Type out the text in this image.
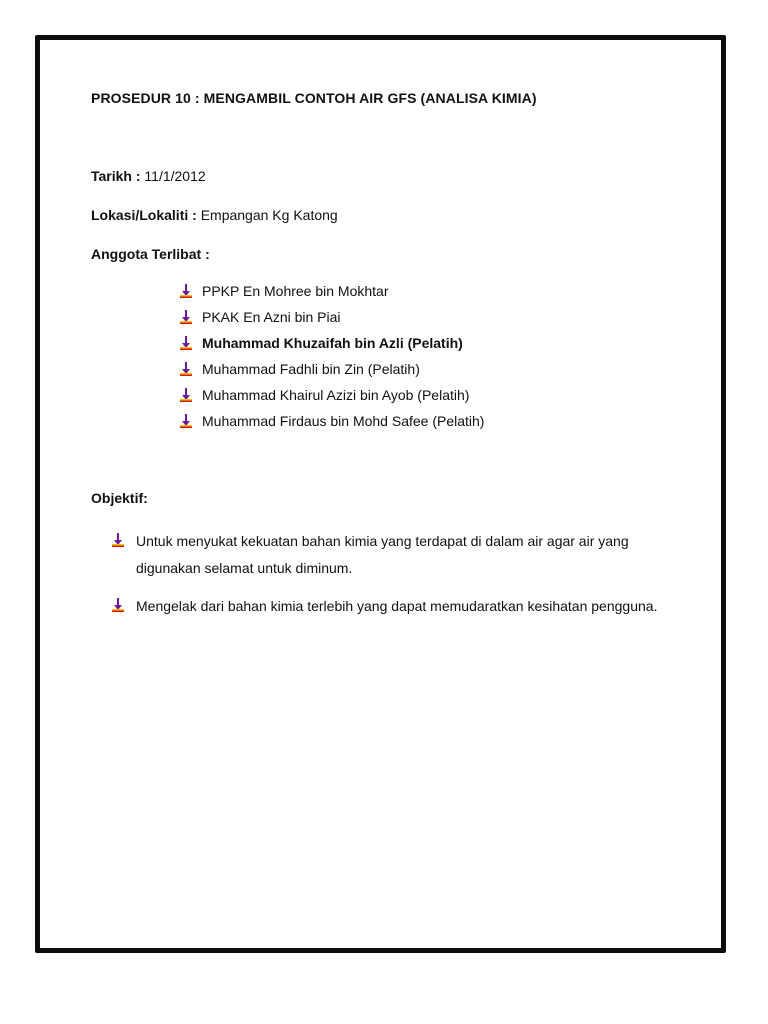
PROSEDUR 10 : MENGAMBIL CONTOH AIR GFS (ANALISA KIMIA)
Tarikh : 11/1/2012
Lokasi/Lokaliti : Empangan Kg Katong
Anggota Terlibat :
PPKP En Mohree bin Mokhtar
PKAK En Azni bin Piai
Muhammad Khuzaifah bin Azli (Pelatih)
Muhammad Fadhli bin Zin (Pelatih)
Muhammad Khairul Azizi bin Ayob (Pelatih)
Muhammad Firdaus bin Mohd Safee (Pelatih)
Objektif:
Untuk menyukat kekuatan bahan kimia yang terdapat di dalam air agar air yang digunakan selamat untuk diminum.
Mengelak dari bahan kimia terlebih yang dapat memudaratkan kesihatan pengguna.
